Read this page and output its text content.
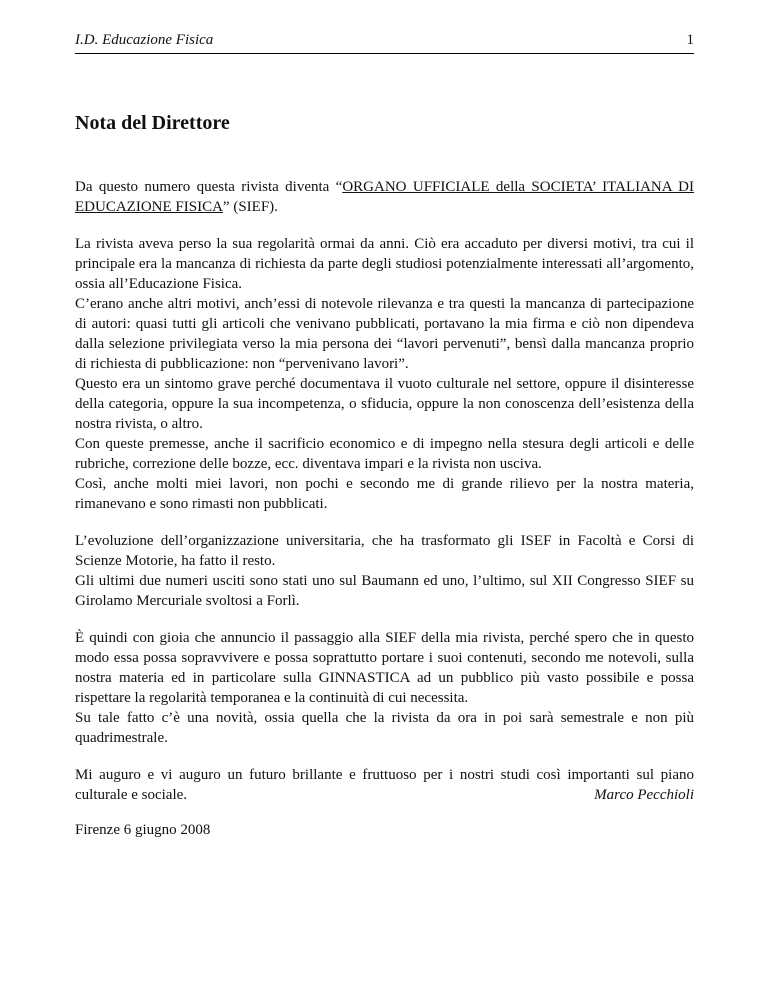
I.D. Educazione Fisica	1
Nota del Direttore

Da questo numero questa rivista diventa “ORGANO UFFICIALE della SOCIETA’ ITALIANA DI EDUCAZIONE FISICA” (SIEF).

La rivista aveva perso la sua regolarità ormai da anni. Ciò era accaduto per diversi motivi, tra cui il principale era la mancanza di richiesta da parte degli studiosi potenzialmente interessati all’argomento, ossia all’Educazione Fisica.

C’erano anche altri motivi, anch’essi di notevole rilevanza e tra questi la mancanza di partecipazione di autori: quasi tutti gli articoli che venivano pubblicati, portavano la mia firma e ciò non dipendeva dalla selezione privilegiata verso la mia persona dei “lavori pervenuti”, bensì dalla mancanza proprio di richiesta di pubblicazione: non “pervenivano lavori”.

Questo era un sintomo grave perché documentava il vuoto culturale nel settore, oppure il disinteresse della categoria, oppure la sua incompetenza, o sfiducia, oppure la non conoscenza dell’esistenza della nostra rivista, o altro.

Con queste premesse, anche il sacrificio economico e di impegno nella stesura degli articoli e delle rubriche, correzione delle bozze, ecc. diventava impari e la rivista non usciva.

Così, anche molti miei lavori, non pochi e secondo me di grande rilievo per la nostra materia, rimanevano e sono rimasti non pubblicati.

L’evoluzione dell’organizzazione universitaria, che ha trasformato gli ISEF in Facoltà e Corsi di Scienze Motorie, ha fatto il resto.

Gli ultimi due numeri usciti sono stati uno sul Baumann ed uno, l’ultimo, sul XII Congresso SIEF su Girolamo Mercuriale svoltosi a Forlì.

È quindi con gioia che annuncio il passaggio alla SIEF della mia rivista, perché spero che in questo modo essa possa sopravvivere e possa soprattutto portare i suoi contenuti, secondo me notevoli, sulla nostra materia ed in particolare sulla GINNASTICA ad un pubblico più vasto possibile e possa rispettare la regolarità temporanea e la continuità di cui necessita.

Su tale fatto c’è una novità, ossia quella che la rivista da ora in poi sarà semestrale e non più quadrimestrale.

Mi auguro e vi auguro un futuro brillante e fruttuoso per i nostri studi così importanti sul piano culturale e sociale.	Marco Pecchioli
Firenze 6 giugno 2008
